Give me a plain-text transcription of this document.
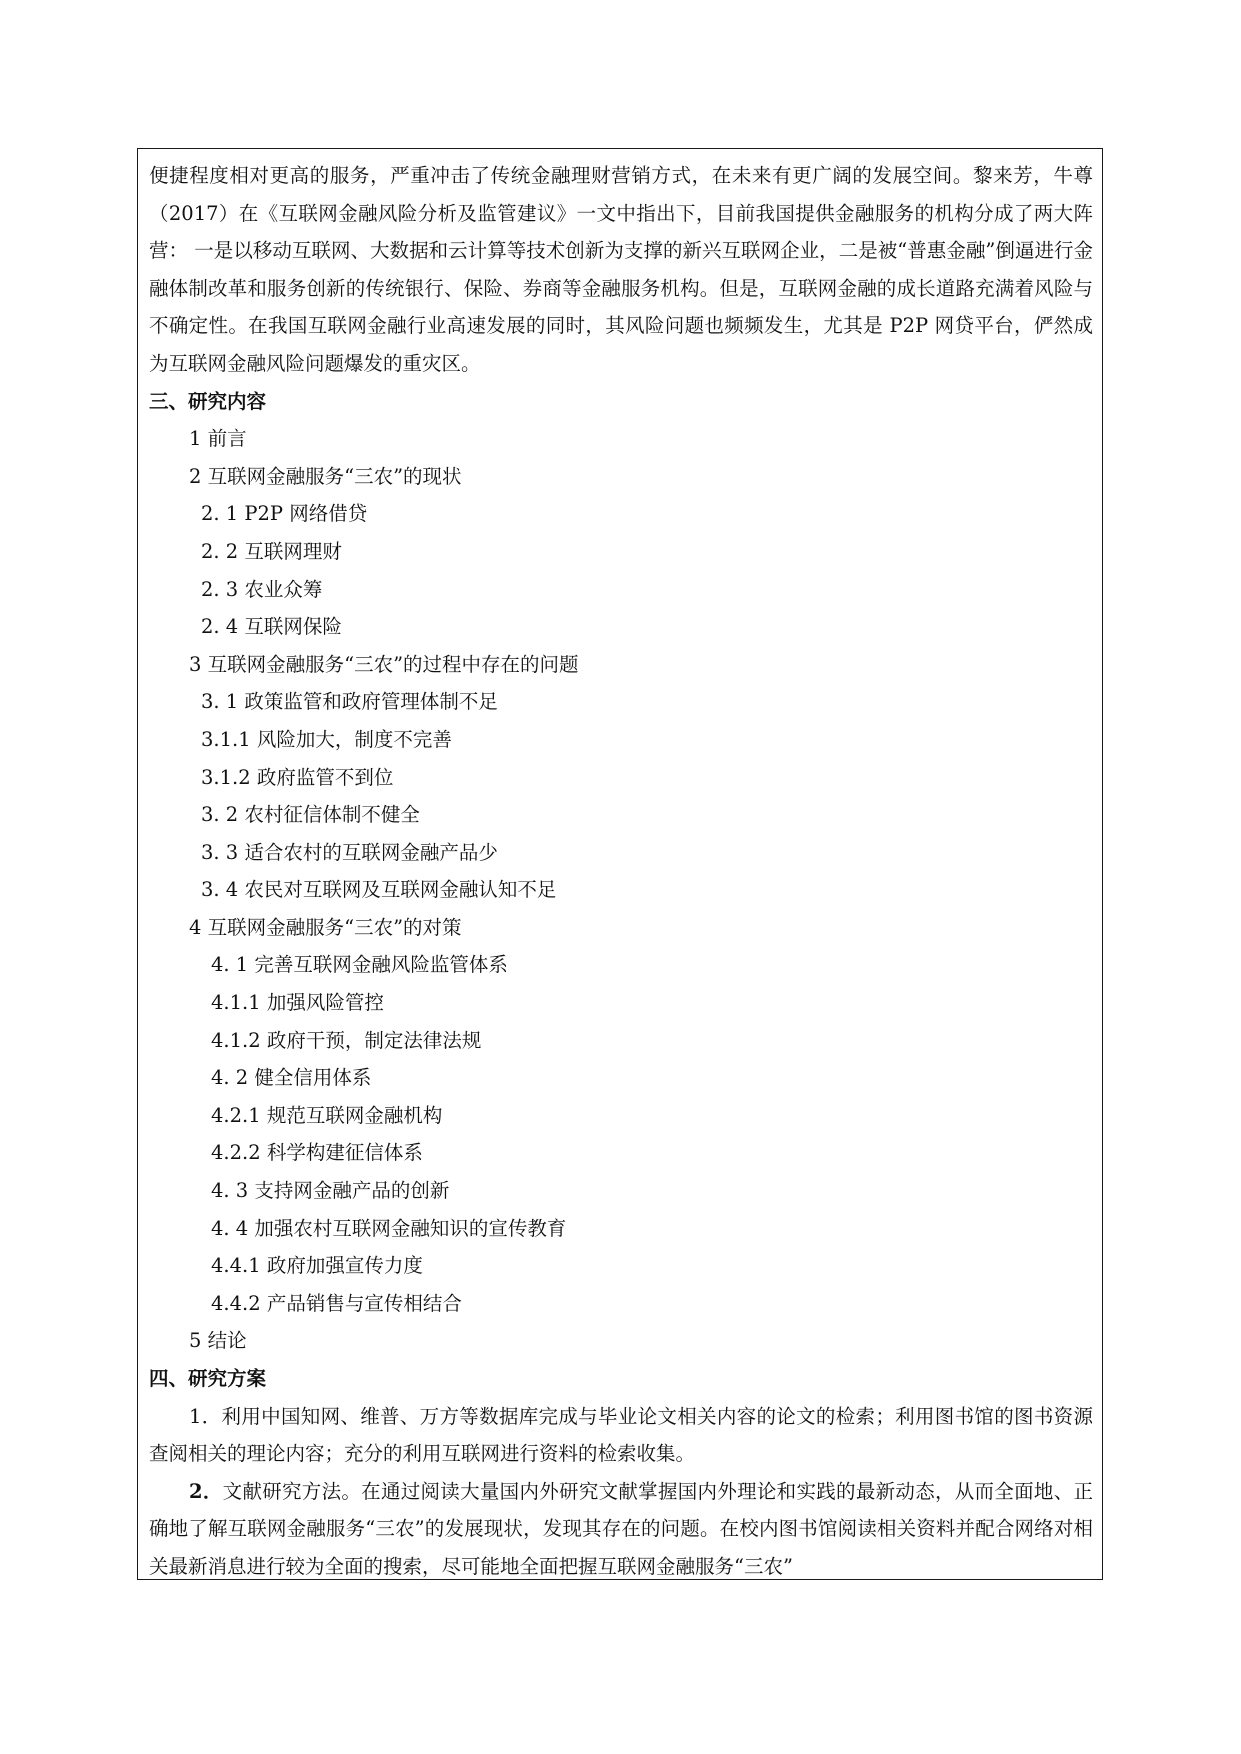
便捷程度相对更高的服务，严重冲击了传统金融理财营销方式，在未来有更广阔的发展空间。黎来芳，牛尊（2017）在《互联网金融风险分析及监管建议》一文中指出下，目前我国提供金融服务的机构分成了两大阵营： 一是以移动互联网、大数据和云计算等技术创新为支撑的新兴互联网企业，二是被“普惠金融”倒逼进行金融体制改革和服务创新的传统银行、保险、券商等金融服务机构。但是，互联网金融的成长道路充满着风险与不确定性。在我国互联网金融行业高速发展的同时，其风险问题也频频发生，尤其是 P2P 网贷平台，俨然成为互联网金融风险问题爆发的重灾区。

三、研究内容

1 前言

2 互联网金融服务“三农”的现状

2. 1 P2P 网络借贷

2. 2 互联网理财

2. 3 农业众筹

2. 4 互联网保险

3 互联网金融服务“三农”的过程中存在的问题

3. 1 政策监管和政府管理体制不足

3.1.1 风险加大，制度不完善

3.1.2 政府监管不到位

3. 2 农村征信体制不健全

3. 3 适合农村的互联网金融产品少

3. 4 农民对互联网及互联网金融认知不足

4 互联网金融服务“三农”的对策

4. 1 完善互联网金融风险监管体系

4.1.1 加强风险管控

4.1.2 政府干预，制定法律法规

4. 2 健全信用体系

4.2.1 规范互联网金融机构

4.2.2 科学构建征信体系

4. 3 支持网金融产品的创新

4. 4 加强农村互联网金融知识的宣传教育

4.4.1 政府加强宣传力度

4.4.2 产品销售与宣传相结合

5 结论

四、研究方案

1．利用中国知网、维普、万方等数据库完成与毕业论文相关内容的论文的检索；利用图书馆的图书资源查阅相关的理论内容；充分的利用互联网进行资料的检索收集。

2．文献研究方法。在通过阅读大量国内外研究文献掌握国内外理论和实践的最新动态，从而全面地、正确地了解互联网金融服务“三农”的发展现状，发现其存在的问题。在校内图书馆阅读相关资料并配合网络对相关最新消息进行较为全面的搜索，尽可能地全面把握互联网金融服务“三农”
